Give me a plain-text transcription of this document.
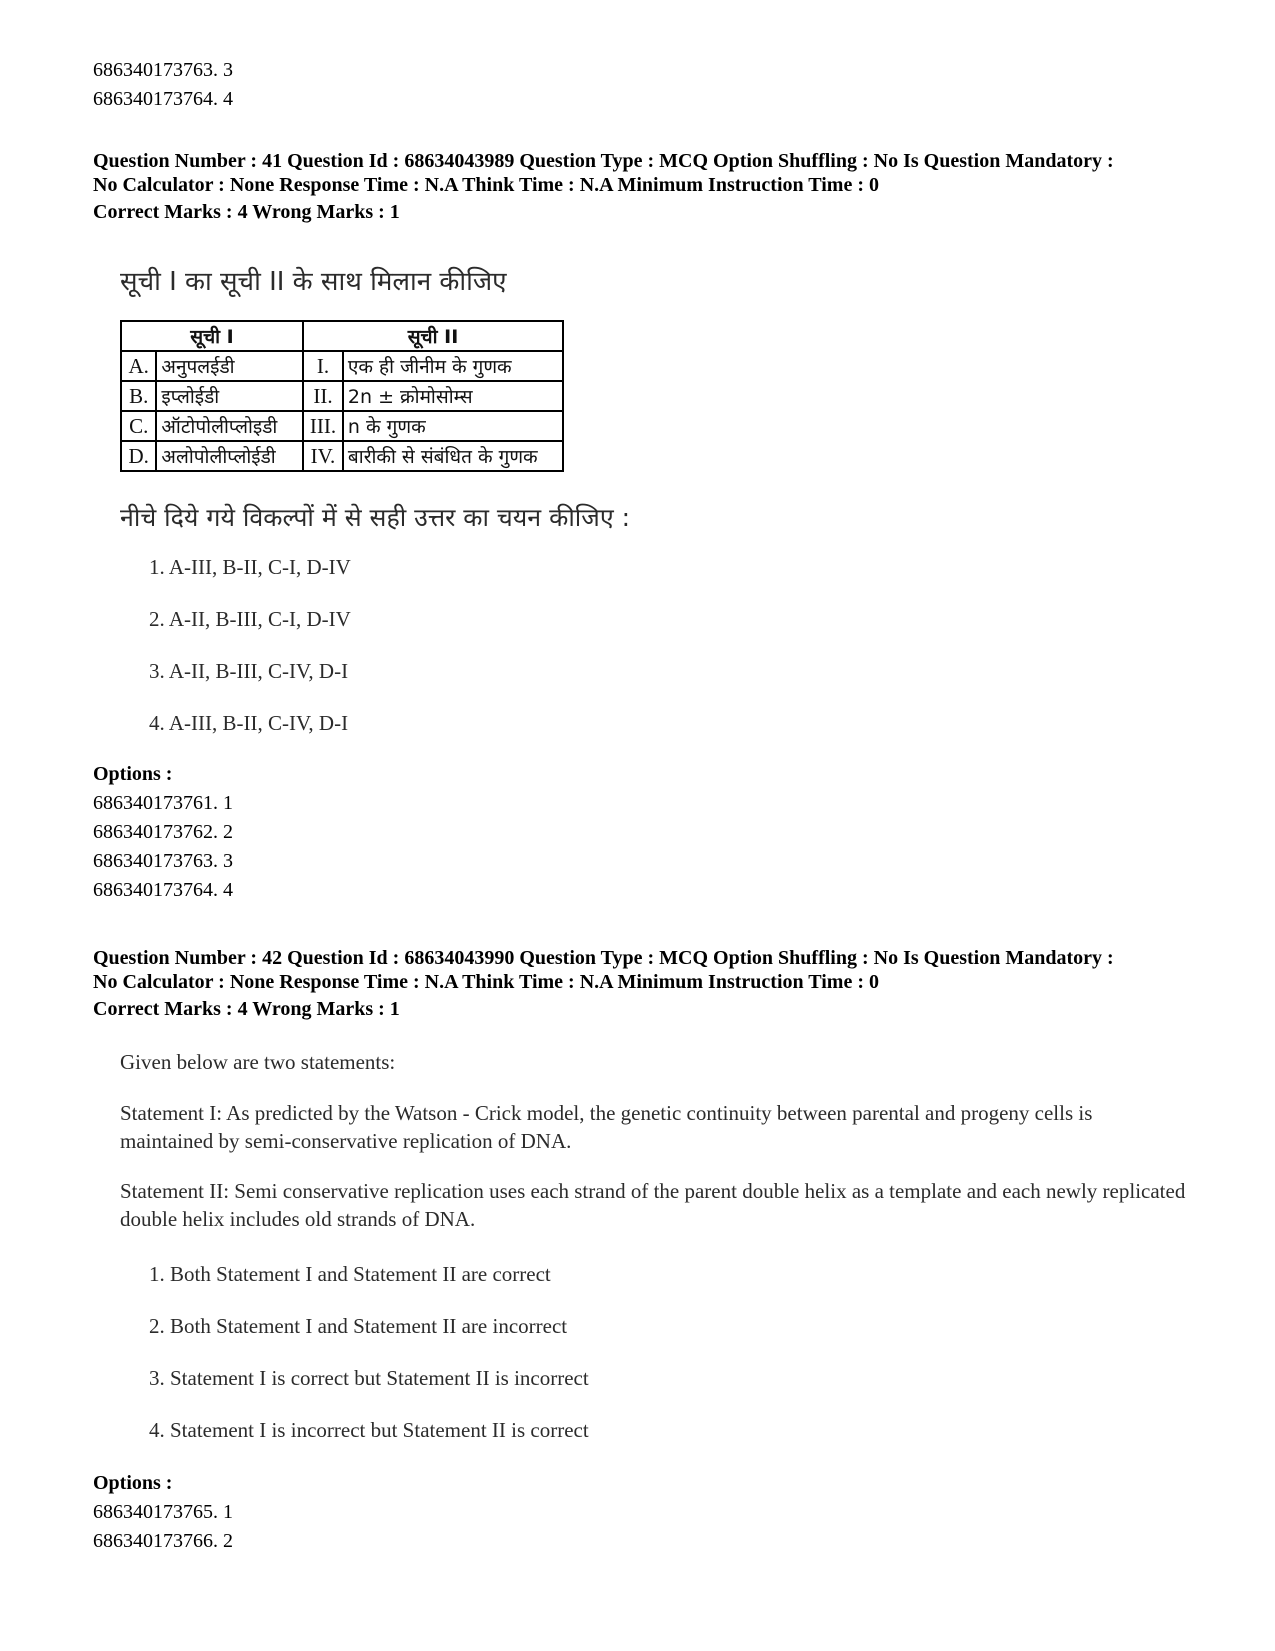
686340173763. 3
686340173764. 4
Question Number : 41 Question Id : 68634043989 Question Type : MCQ Option Shuffling : No Is Question Mandatory :
No Calculator : None Response Time : N.A Think Time : N.A Minimum Instruction Time : 0
Correct Marks : 4 Wrong Marks : 1
सूची I का सूची II के साथ मिलान कीजिए
सूची I		सूची II	
A.	अनुपलईडी	I.	एक ही जीनीम के गुणक
B.	इप्लोईडी	II.	2n ± क्रोमोसोम्स
C.	ऑटोपोलीप्लोइडी	III.	n के गुणक
D.	अलोपोलीप्लोईडी	IV.	बारीकी से संबंधित के गुणक
नीचे दिये गये विकल्पों में से सही उत्तर का चयन कीजिए :
1. A-III, B-II, C-I, D-IV
2. A-II, B-III, C-I, D-IV
3. A-II, B-III, C-IV, D-I
4. A-III, B-II, C-IV, D-I
Options :
686340173761. 1
686340173762. 2
686340173763. 3
686340173764. 4
Question Number : 42 Question Id : 68634043990 Question Type : MCQ Option Shuffling : No Is Question Mandatory :
No Calculator : None Response Time : N.A Think Time : N.A Minimum Instruction Time : 0
Correct Marks : 4 Wrong Marks : 1
Given below are two statements:
Statement I: As predicted by the Watson - Crick model, the genetic continuity between parental and progeny cells is maintained by semi-conservative replication of DNA.
Statement II: Semi conservative replication uses each strand of the parent double helix as a template and each newly replicated double helix includes old strands of DNA.
1. Both Statement I and Statement II are correct
2. Both Statement I and Statement II are incorrect
3. Statement I is correct but Statement II is incorrect
4. Statement I is incorrect but Statement II is correct
Options :
686340173765. 1
686340173766. 2
